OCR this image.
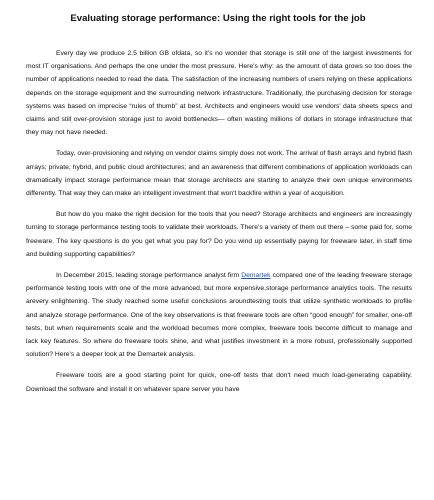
Evaluating storage performance: Using the right tools for the job

Every day we produce 2.5 billion GB ofdata, so it's no wonder that storage is still one of the largest investments for most IT organisations. And perhaps the one under the most pressure. Here's why: as the amount of data grows so too does the number of applications needed to read the data. The satisfaction of the increasing numbers of users relying on these applications depends on the storage equipment and the surrounding network infrastructure. Traditionally, the purchasing decision for storage systems was based on imprecise “rules of thumb” at best. Architects and engineers would use vendors' data sheets specs and claims and still over-provision storage just to avoid bottlenecks— often wasting millions of dollars in storage infrastructure that they may not have needed.

Today, over-provisioning and relying on vendor claims simply does not work. The arrival of flash arrays and hybrid flash arrays; private, hybrid, and public cloud architectures; and an awareness that different combinations of application workloads can dramatically impact storage performance mean that storage architects are starting to analyze their own unique environments differently. That way they can make an intelligent investment that won't backfire within a year of acquisition.

But how do you make the right decision for the tools that you need? Storage architects and engineers are increasingly turning to storage performance testing tools to validate their workloads. There's a variety of them out there – some paid for, some freeware. The key questions is do you get what you pay for? Do you wind up essentially paying for freeware later, in staff time and building supporting capabilities?

In December 2015, leading storage performance analyst firm Demartek compared one of the leading freeware storage performance testing tools with one of the more advanced, but more expensive,storage performance analytics tools. The results arevery enlightening. The study reached some useful conclusions aroundtesting tools that utilize synthetic workloads to profile and analyze storage performance. One of the key observations is that freeware tools are often “good enough” for smaller, one-off tests, but when requirements scale and the workload becomes more complex, freeware tools become difficult to manage and lack key features. So where do freeware tools shine, and what justifies investment in a more robust, professionally supported solution? Here's a deeper look at the Demartek analysis.

Freeware tools are a good starting point for quick, one-off tests that don't need much load-generating capability. Download the software and install it on whatever spare server you have
